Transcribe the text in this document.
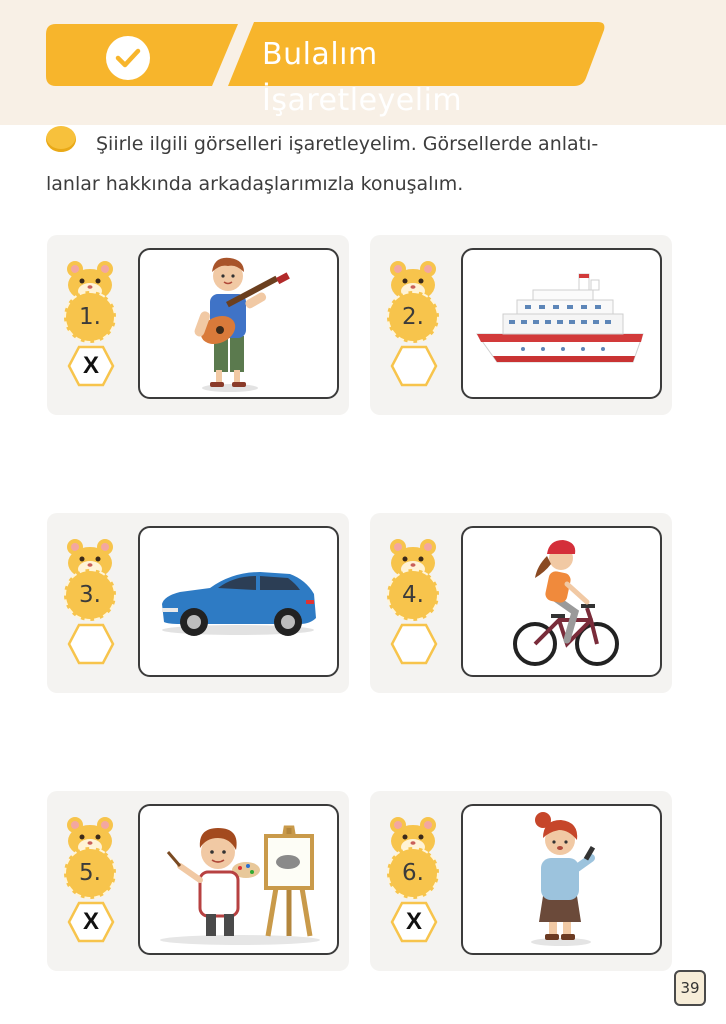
Bulalım İşaretleyelim
Şiirle ilgili görselleri işaretleyelim. Görsellerde anlatı-
lanlar hakkında arkadaşlarımızla konuşalım.
1.
X
2.
3.	4.
5.
X
6.
X
39
